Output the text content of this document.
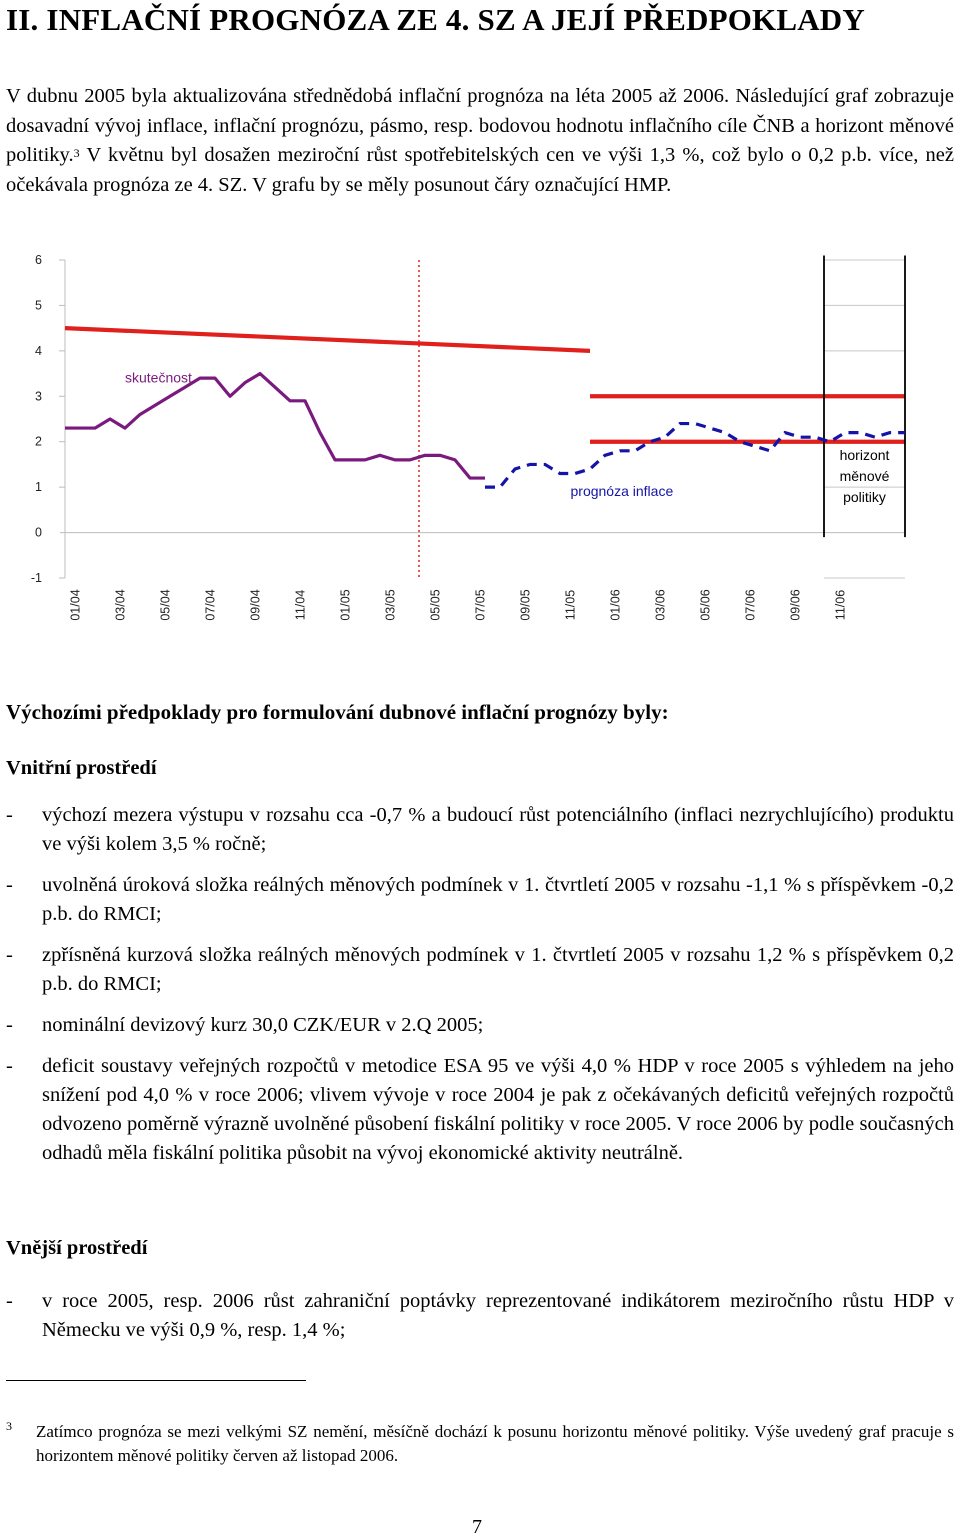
II. INFLAČNÍ PROGNÓZA ZE 4. SZ A JEJÍ PŘEDPOKLADY
V dubnu 2005 byla aktualizována střednědobá inflační prognóza na léta 2005 až 2006. Následující graf zobrazuje dosavadní vývoj inflace, inflační prognózu, pásmo, resp. bodovou hodnotu inflačního cíle ČNB a horizont měnové politiky.$^3$ V květnu byl dosažen meziroční růst spotřebitelských cen ve výši 1,3 %, což bylo o 0,2 p.b. více, než očekávala prognóza ze 4. SZ. V grafu by se měly posunout čáry označující HMP.
6
5
4
3
2
1
0
-1
01/04 03/04 05/04 07/04 09/04 11/04 01/05 03/05 05/05 07/05 09/05 11/05 01/06 03/06 05/06 07/06 09/06 11/06
skutečnost
prognóza inflace
horizont
měnové
politiky
Výchozími předpoklady pro formulování dubnové inflační prognózy byly:
Vnitřní prostředí
-	výchozí mezera výstupu v rozsahu cca -0,7 % a budoucí růst potenciálního (inflaci nezrychlujícího) produktu ve výši kolem 3,5 % ročně;
-	uvolněná úroková složka reálných měnových podmínek v 1. čtvrtletí 2005 v rozsahu -1,1 % s příspěvkem -0,2 p.b. do RMCI;
-	zpřísněná kurzová složka reálných měnových podmínek v 1. čtvrtletí 2005 v rozsahu 1,2 % s příspěvkem 0,2 p.b. do RMCI;
-	nominální devizový kurz 30,0 CZK/EUR v 2.Q 2005;
-	deficit soustavy veřejných rozpočtů v metodice ESA 95 ve výši 4,0 % HDP v roce 2005 s výhledem na jeho snížení pod 4,0 % v roce 2006; vlivem vývoje v roce 2004 je pak z očekávaných deficitů veřejných rozpočtů odvozeno poměrně výrazně uvolněné působení fiskální politiky v roce 2005. V roce 2006 by podle současných odhadů měla fiskální politika působit na vývoj ekonomické aktivity neutrálně.
Vnější prostředí
-	v roce 2005, resp. 2006 růst zahraniční poptávky reprezentované indikátorem meziročního růstu HDP v Německu ve výši 0,9 %, resp. 1,4 %;
3 Zatímco prognóza se mezi velkými SZ nemění, měsíčně dochází k posunu horizontu měnové politiky. Výše uvedený graf pracuje s horizontem měnové politiky červen až listopad 2006.
7
